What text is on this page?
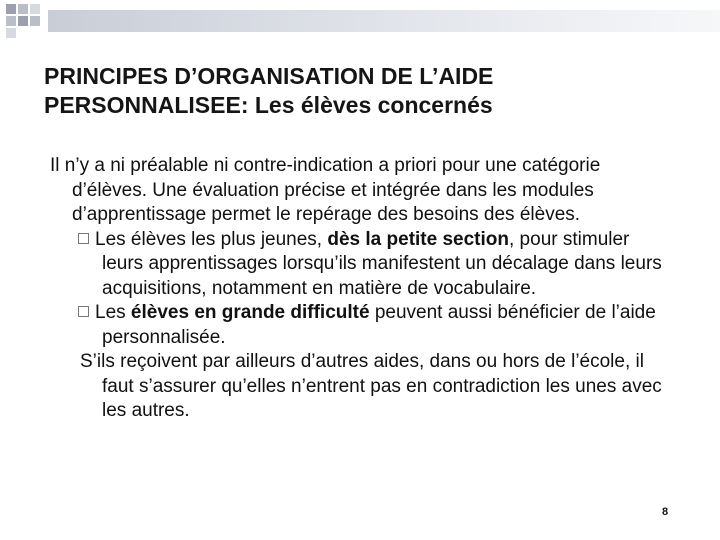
PRINCIPES D’ORGANISATION DE L’AIDE PERSONNALISEE: Les élèves concernés

Il n’y a ni préalable ni contre-indication a priori pour une catégorie d’élèves. Une évaluation précise et intégrée dans les modules d’apprentissage permet le repérage des besoins des élèves.

Les élèves les plus jeunes, dès la petite section, pour stimuler leurs apprentissages lorsqu’ils manifestent un décalage dans leurs acquisitions, notamment en matière de vocabulaire.

Les élèves en grande difficulté peuvent aussi bénéficier de l’aide personnalisée.

S’ils reçoivent par ailleurs d’autres aides, dans ou hors de l’école, il faut s’assurer qu’elles n’entrent pas en contradiction les unes avec les autres.

8
